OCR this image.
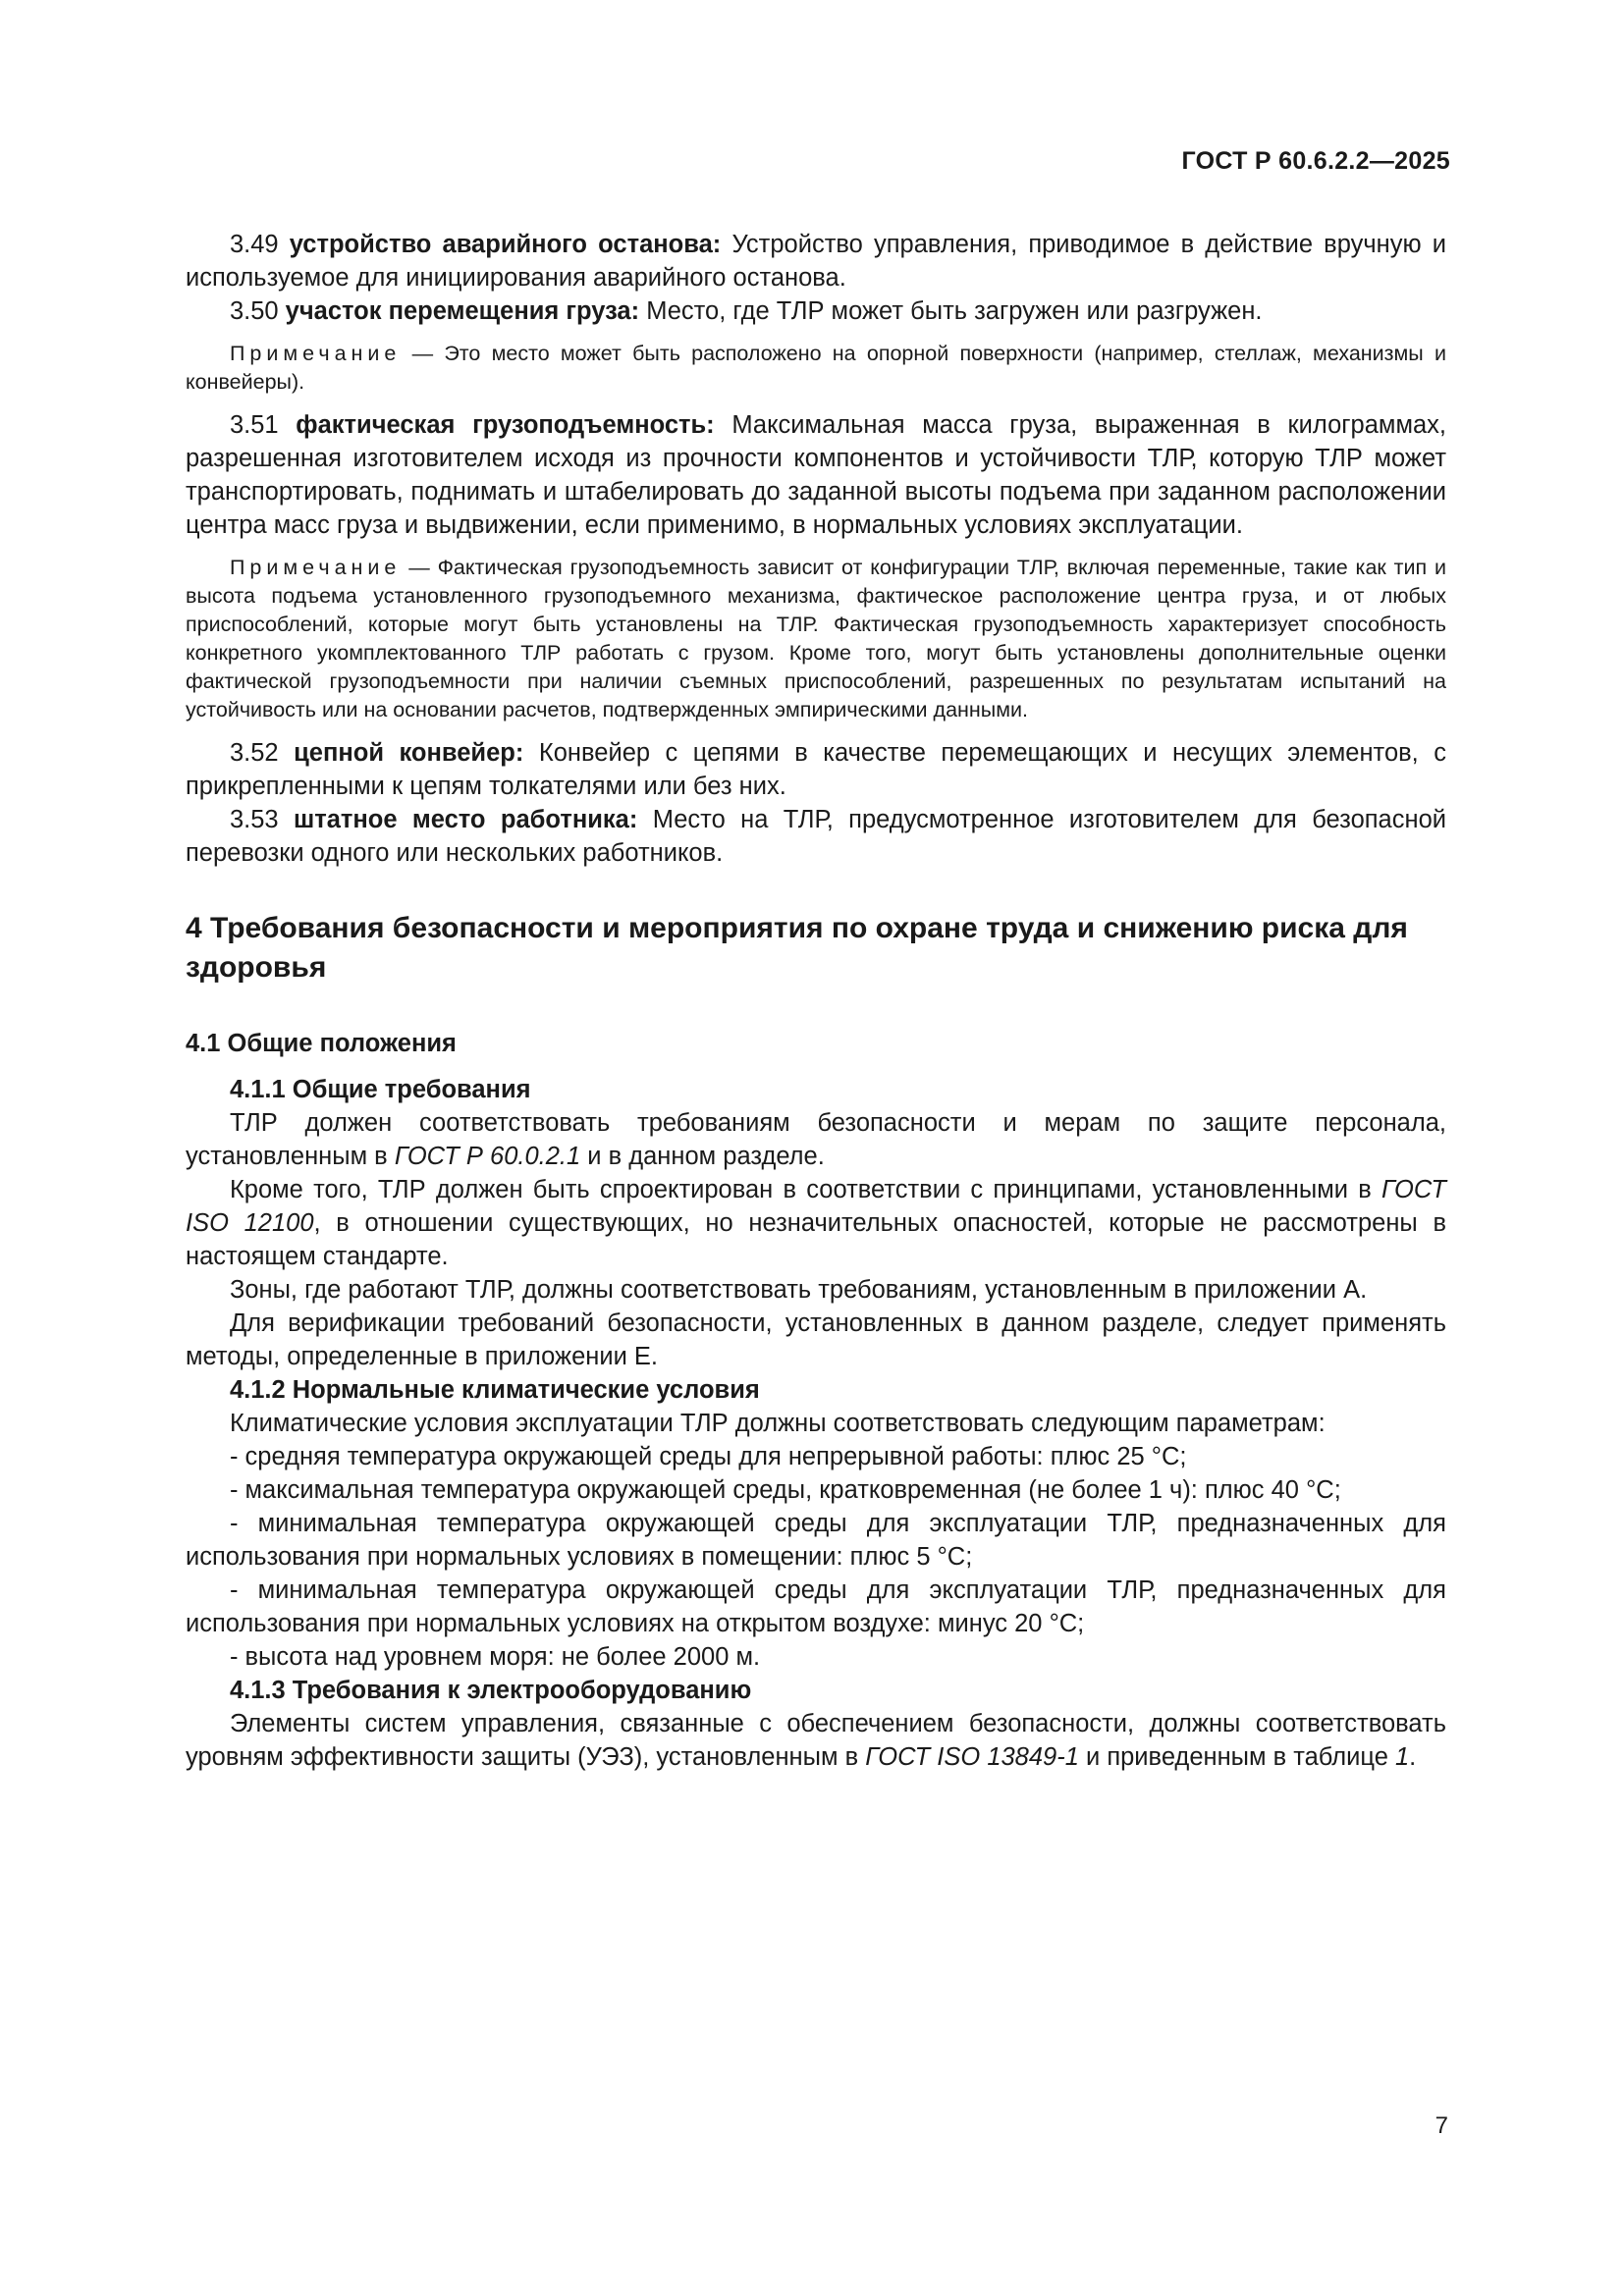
ГОСТ Р 60.6.2.2—2025

3.49 устройство аварийного останова: Устройство управления, приводимое в действие вручную и используемое для инициирования аварийного останова.

3.50 участок перемещения груза: Место, где ТЛР может быть загружен или разгружен.

Примечание — Это место может быть расположено на опорной поверхности (например, стеллаж, механизмы и конвейеры).

3.51 фактическая грузоподъемность: Максимальная масса груза, выраженная в килограммах, разрешенная изготовителем исходя из прочности компонентов и устойчивости ТЛР, которую ТЛР может транспортировать, поднимать и штабелировать до заданной высоты подъема при заданном расположении центра масс груза и выдвижении, если применимо, в нормальных условиях эксплуатации.

Примечание — Фактическая грузоподъемность зависит от конфигурации ТЛР, включая переменные, такие как тип и высота подъема установленного грузоподъемного механизма, фактическое расположение центра груза, и от любых приспособлений, которые могут быть установлены на ТЛР. Фактическая грузоподъемность характеризует способность конкретного укомплектованного ТЛР работать с грузом. Кроме того, могут быть установлены дополнительные оценки фактической грузоподъемности при наличии съемных приспособлений, разрешенных по результатам испытаний на устойчивость или на основании расчетов, подтвержденных эмпирическими данными.

3.52 цепной конвейер: Конвейер с цепями в качестве перемещающих и несущих элементов, с прикрепленными к цепям толкателями или без них.

3.53 штатное место работника: Место на ТЛР, предусмотренное изготовителем для безопасной перевозки одного или нескольких работников.

4 Требования безопасности и мероприятия по охране труда и снижению риска для здоровья

4.1 Общие положения

4.1.1 Общие требования

ТЛР должен соответствовать требованиям безопасности и мерам по защите персонала, установленным в ГОСТ Р 60.0.2.1 и в данном разделе.

Кроме того, ТЛР должен быть спроектирован в соответствии с принципами, установленными в ГОСТ ISO 12100, в отношении существующих, но незначительных опасностей, которые не рассмотрены в настоящем стандарте.

Зоны, где работают ТЛР, должны соответствовать требованиям, установленным в приложении А.

Для верификации требований безопасности, установленных в данном разделе, следует применять методы, определенные в приложении Е.

4.1.2 Нормальные климатические условия

Климатические условия эксплуатации ТЛР должны соответствовать следующим параметрам:

- средняя температура окружающей среды для непрерывной работы: плюс 25 °С;

- максимальная температура окружающей среды, кратковременная (не более 1 ч): плюс 40 °С;

- минимальная температура окружающей среды для эксплуатации ТЛР, предназначенных для использования при нормальных условиях в помещении: плюс 5 °С;

- минимальная температура окружающей среды для эксплуатации ТЛР, предназначенных для использования при нормальных условиях на открытом воздухе: минус 20 °С;

- высота над уровнем моря: не более 2000 м.

4.1.3 Требования к электрооборудованию

Элементы систем управления, связанные с обеспечением безопасности, должны соответствовать уровням эффективности защиты (УЭЗ), установленным в ГОСТ ISO 13849-1 и приведенным в таблице 1.

7
